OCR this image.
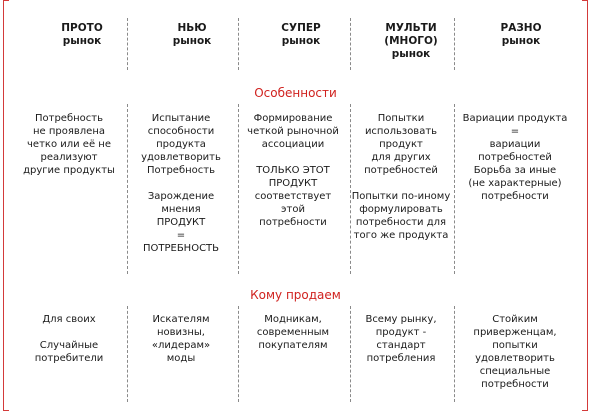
ПРОТО
рынок
НЬЮ
рынок
СУПЕР
рынок
МУЛЬТИ
(МНОГО)
рынок
РАЗНО
рынок
Особенности
Потребность
не проявлена
четко или её не
реализуют
другие продукты
Испытание
способности
продукта
удовлетворить
Потребность

Зарождение
мнения
ПРОДУКТ
=
ПОТРЕБНОСТЬ
Формирование
четкой рыночной
ассоциации

ТОЛЬКО ЭТОТ
ПРОДУКТ
соответствует
этой
потребности
Попытки
использовать
продукт
для других
потребностей

Попытки по-иному
формулировать
потребности для
того же продукта
Вариации продукта
=
вариации
потребностей
Борьба за иные
(не характерные)
потребности
Кому продаем
Для своих

Случайные
потребители
Искателям
новизны,
«лидерам»
моды
Модникам,
современным
покупателям
Всему рынку,
продукт -
стандарт
потребления
Стойким
приверженцам,
попытки
удовлетворить
специальные
потребности
